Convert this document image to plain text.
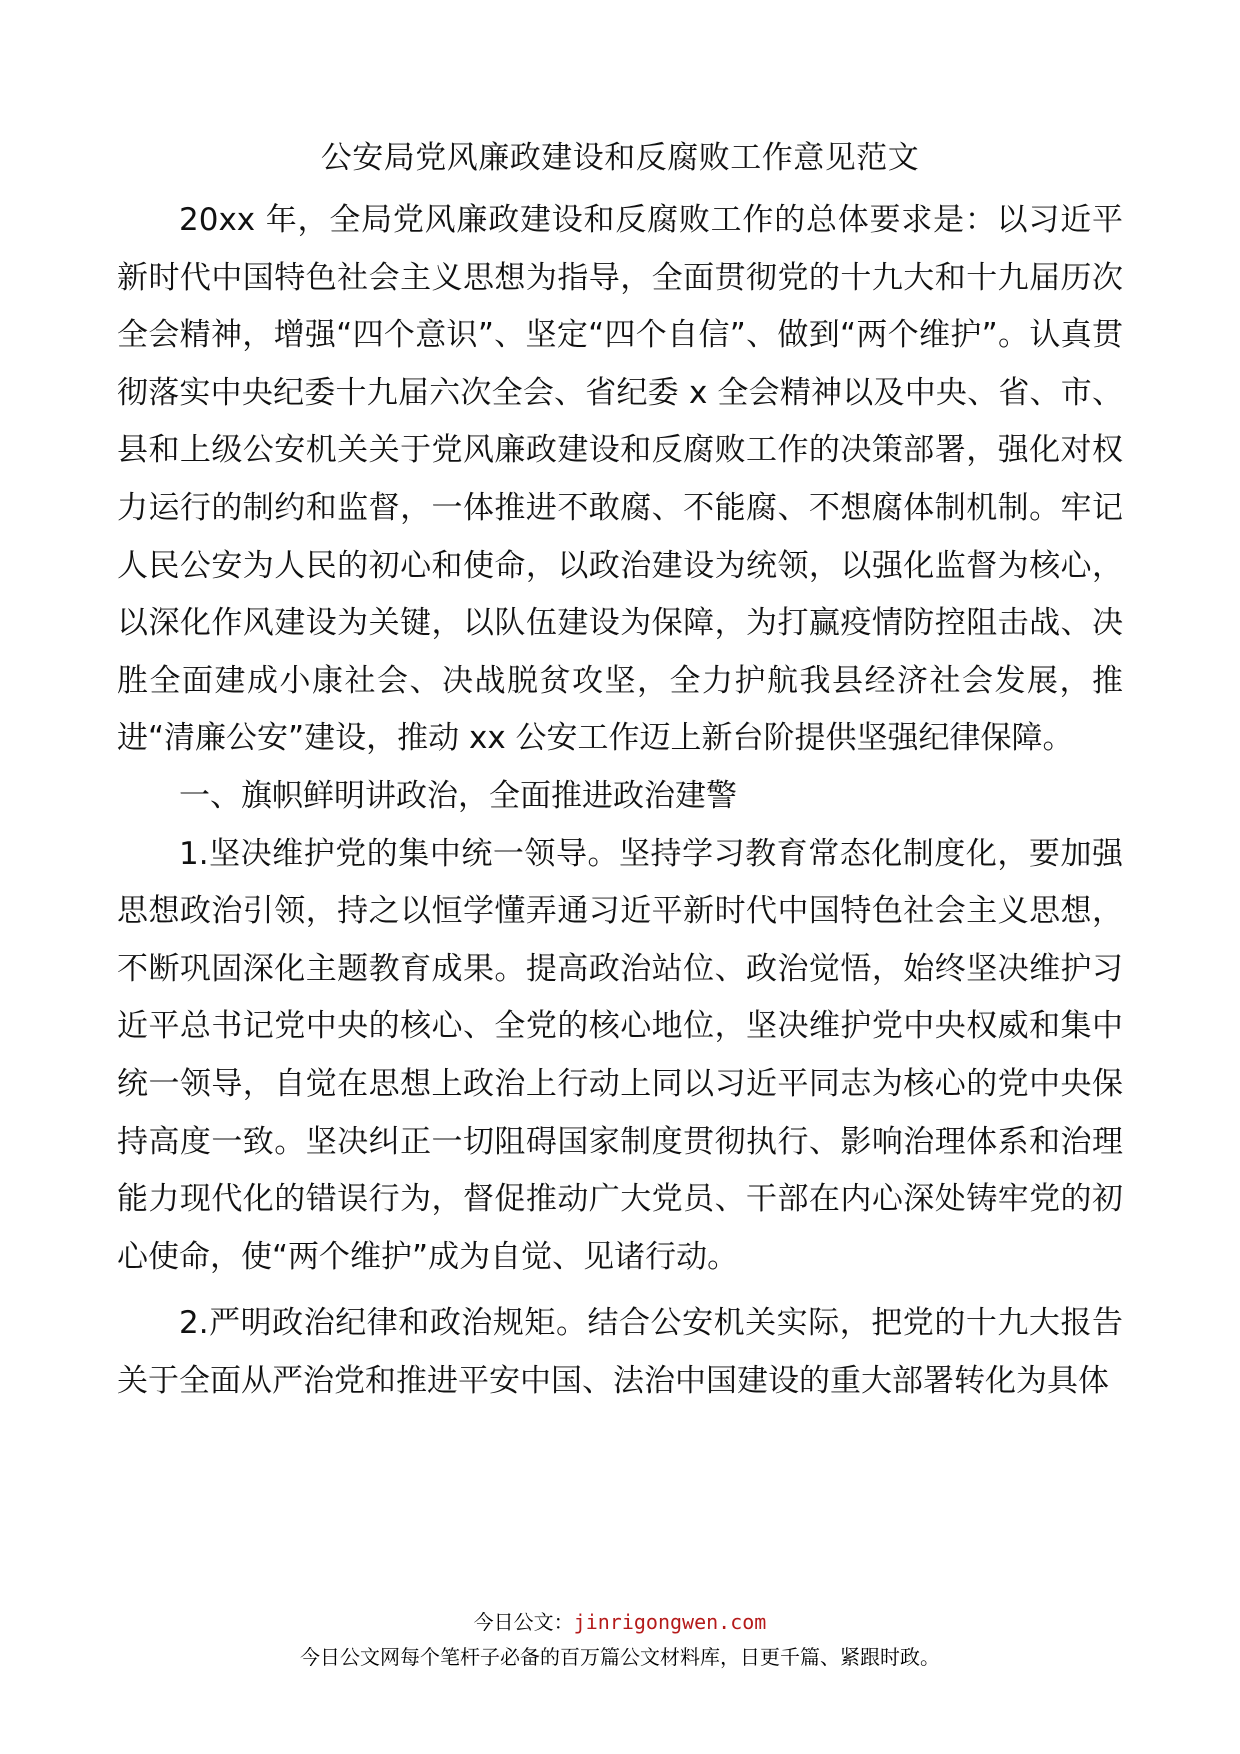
公安局党风廉政建设和反腐败工作意见范文

20xx 年，全局党风廉政建设和反腐败工作的总体要求是：以习近平新时代中国特色社会主义思想为指导，全面贯彻党的十九大和十九届历次全会精神，增强“四个意识”、坚定“四个自信”、做到“两个维护”。认真贯彻落实中央纪委十九届六次全会、省纪委 x 全会精神以及中央、省、市、县和上级公安机关关于党风廉政建设和反腐败工作的决策部署，强化对权力运行的制约和监督，一体推进不敢腐、不能腐、不想腐体制机制。牢记人民公安为人民的初心和使命，以政治建设为统领，以强化监督为核心，以深化作风建设为关键，以队伍建设为保障，为打赢疫情防控阻击战、决胜全面建成小康社会、决战脱贫攻坚，全力护航我县经济社会发展，推进“清廉公安”建设，推动 xx 公安工作迈上新台阶提供坚强纪律保障。

一、旗帜鲜明讲政治，全面推进政治建警

1.坚决维护党的集中统一领导。坚持学习教育常态化制度化，要加强思想政治引领，持之以恒学懂弄通习近平新时代中国特色社会主义思想，不断巩固深化主题教育成果。提高政治站位、政治觉悟，始终坚决维护习近平总书记党中央的核心、全党的核心地位，坚决维护党中央权威和集中统一领导，自觉在思想上政治上行动上同以习近平同志为核心的党中央保持高度一致。坚决纠正一切阻碍国家制度贯彻执行、影响治理体系和治理能力现代化的错误行为，督促推动广大党员、干部在内心深处铸牢党的初心使命，使“两个维护”成为自觉、见诸行动。

2.严明政治纪律和政治规矩。结合公安机关实际，把党的十九大报告关于全面从严治党和推进平安中国、法治中国建设的重大部署转化为具体

今日公文：jinrigongwen.com
今日公文网每个笔杆子必备的百万篇公文材料库，日更千篇、紧跟时政。
